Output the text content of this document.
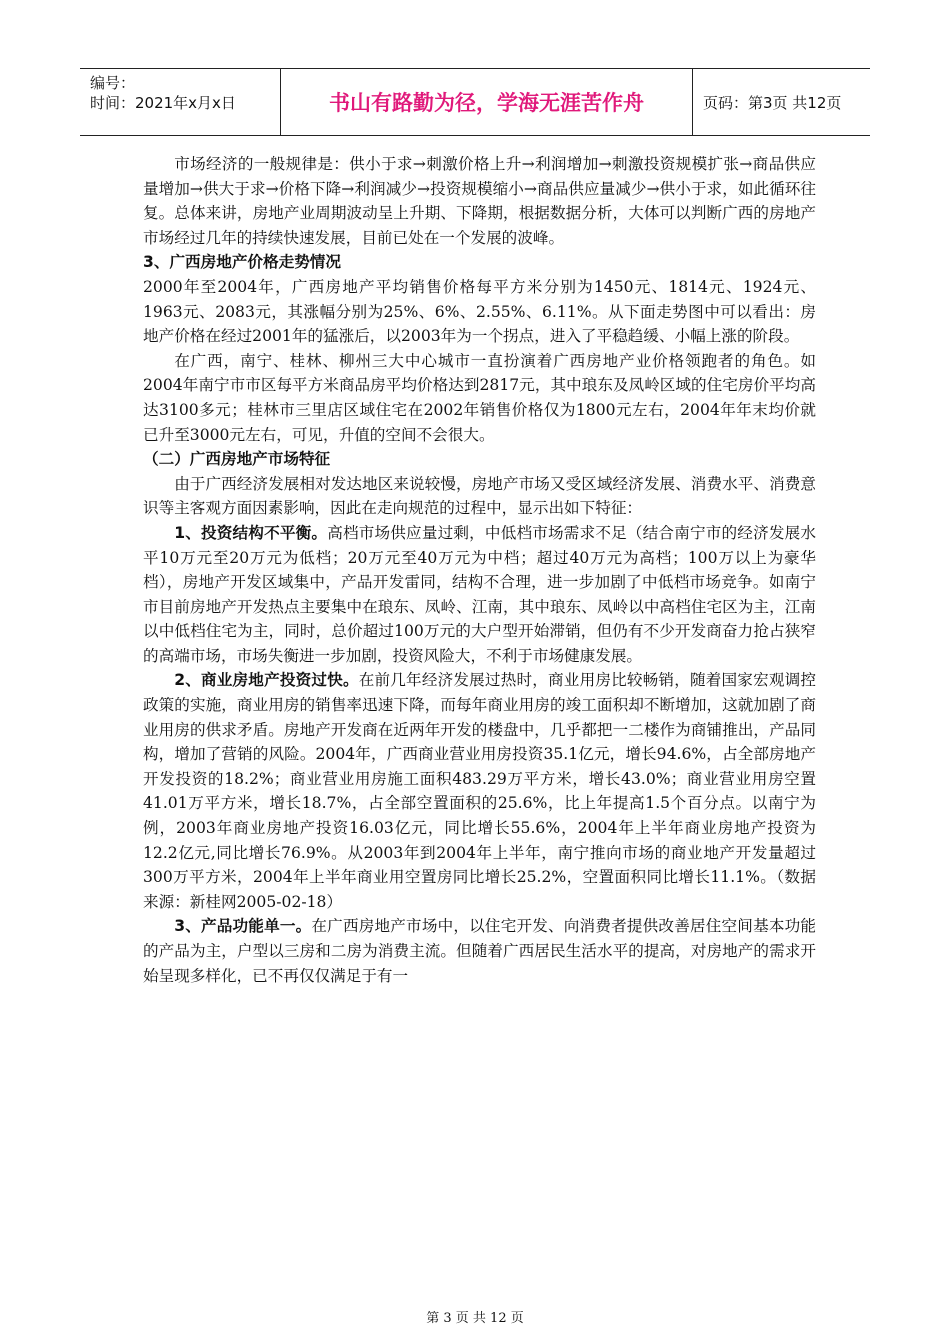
编号：
时间：2021年x月x日	书山有路勤为径，学海无涯苦作舟	页码：第3页 共12页

市场经济的一般规律是：供小于求→刺激价格上升→利润增加→刺激投资规模扩张→商品供应量增加→供大于求→价格下降→利润减少→投资规模缩小→商品供应量减少→供小于求，如此循环往复。总体来讲，房地产业周期波动呈上升期、下降期，根据数据分析，大体可以判断广西的房地产市场经过几年的持续快速发展，目前已处在一个发展的波峰。

3、广西房地产价格走势情况

2000年至2004年，广西房地产平均销售价格每平方米分别为1450元、1814元、1924元、1963元、2083元，其涨幅分别为25%、6%、2.55%、6.11%。从下面走势图中可以看出：房地产价格在经过2001年的猛涨后，以2003年为一个拐点，进入了平稳趋缓、小幅上涨的阶段。

在广西，南宁、桂林、柳州三大中心城市一直扮演着广西房地产业价格领跑者的角色。如2004年南宁市市区每平方米商品房平均价格达到2817元，其中琅东及凤岭区域的住宅房价平均高达3100多元；桂林市三里店区域住宅在2002年销售价格仅为1800元左右，2004年年末均价就已升至3000元左右，可见，升值的空间不会很大。

（二）广西房地产市场特征

由于广西经济发展相对发达地区来说较慢，房地产市场又受区域经济发展、消费水平、消费意识等主客观方面因素影响，因此在走向规范的过程中，显示出如下特征：

1、投资结构不平衡。高档市场供应量过剩，中低档市场需求不足（结合南宁市的经济发展水平10万元至20万元为低档；20万元至40万元为中档；超过40万元为高档；100万以上为豪华档），房地产开发区域集中，产品开发雷同，结构不合理，进一步加剧了中低档市场竞争。如南宁市目前房地产开发热点主要集中在琅东、凤岭、江南，其中琅东、凤岭以中高档住宅区为主，江南以中低档住宅为主，同时，总价超过100万元的大户型开始滞销，但仍有不少开发商奋力抢占狭窄的高端市场，市场失衡进一步加剧，投资风险大，不利于市场健康发展。

2、商业房地产投资过快。在前几年经济发展过热时，商业用房比较畅销，随着国家宏观调控政策的实施，商业用房的销售率迅速下降，而每年商业用房的竣工面积却不断增加，这就加剧了商业用房的供求矛盾。房地产开发商在近两年开发的楼盘中，几乎都把一二楼作为商铺推出，产品同构，增加了营销的风险。2004年，广西商业营业用房投资35.1亿元，增长94.6%，占全部房地产开发投资的18.2%；商业营业用房施工面积483.29万平方米，增长43.0%；商业营业用房空置41.01万平方米，增长18.7%，占全部空置面积的25.6%，比上年提高1.5个百分点。以南宁为例，2003年商业房地产投资16.03亿元，同比增长55.6%，2004年上半年商业房地产投资为12.2亿元,同比增长76.9%。从2003年到2004年上半年，南宁推向市场的商业地产开发量超过300万平方米，2004年上半年商业用空置房同比增长25.2%，空置面积同比增长11.1%。（数据来源：新桂网2005-02-18）

3、产品功能单一。在广西房地产市场中，以住宅开发、向消费者提供改善居住空间基本功能的产品为主，户型以三房和二房为消费主流。但随着广西居民生活水平的提高，对房地产的需求开始呈现多样化，已不再仅仅满足于有一

第 3 页 共 12 页
